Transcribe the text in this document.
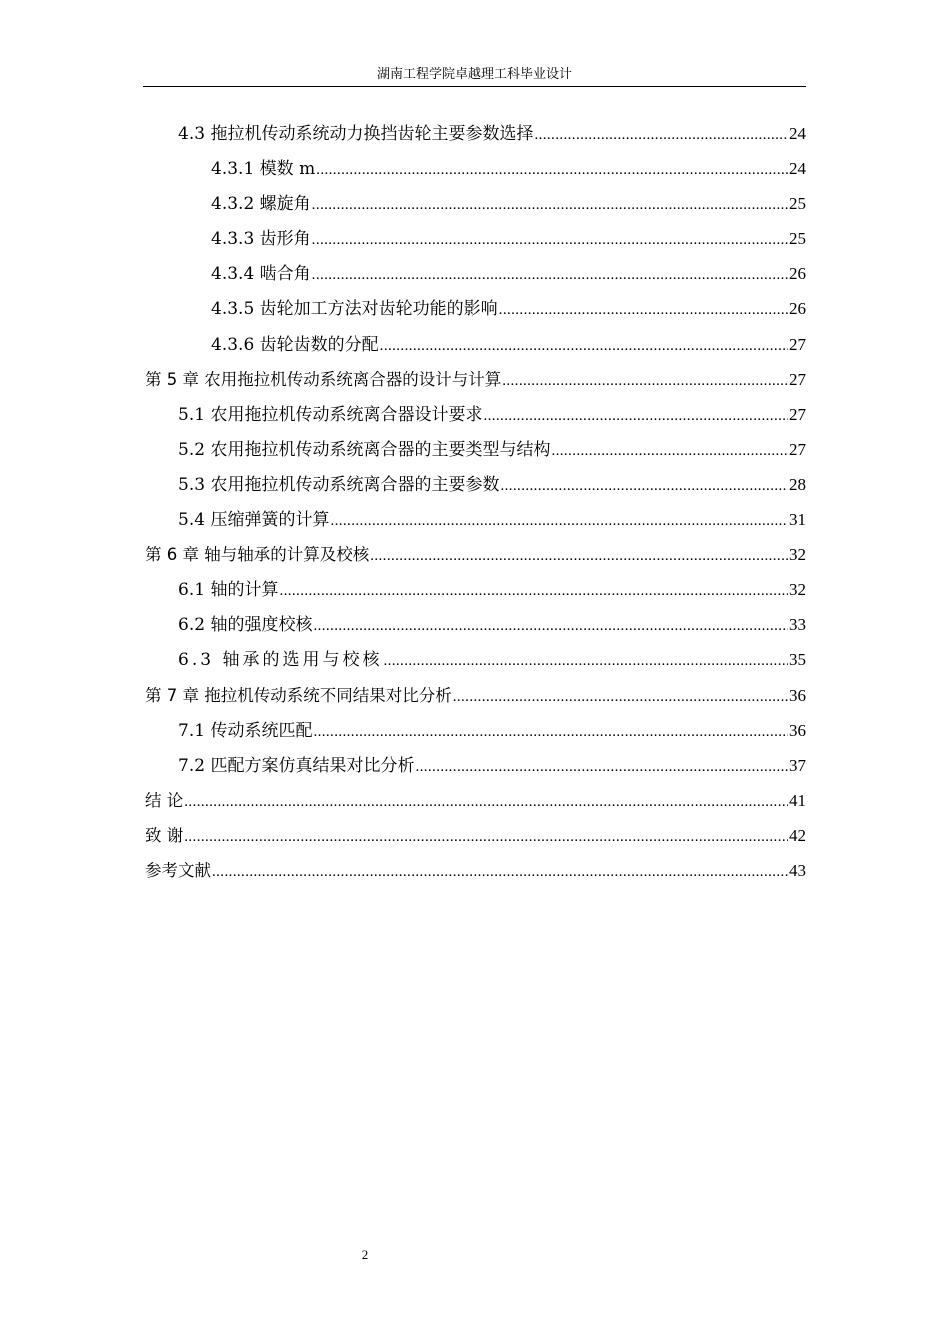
湖南工程学院卓越理工科毕业设计
4.3 拖拉机传动系统动力换挡齿轮主要参数选择 .....	24
4.3.1 模数 m .....	24
4.3.2 螺旋角 .....	25
4.3.3 齿形角 .....	25
4.3.4 啮合角 .....	26
4.3.5 齿轮加工方法对齿轮功能的影响 .....	26
4.3.6 齿轮齿数的分配 .....	27
第 5 章 农用拖拉机传动系统离合器的设计与计算 .....	27
5.1 农用拖拉机传动系统离合器设计要求 .....	27
5.2 农用拖拉机传动系统离合器的主要类型与结构 .....	27
5.3 农用拖拉机传动系统离合器的主要参数 .....	28
5.4 压缩弹簧的计算 .....	31
第 6 章 轴与轴承的计算及校核 .....	32
6.1 轴的计算 .....	32
6.2 轴的强度校核 .....	33
6.3 轴承的选用与校核 .....	35
第 7 章 拖拉机传动系统不同结果对比分析 .....	36
7.1 传动系统匹配 .....	36
7.2 匹配方案仿真结果对比分析 .....	37
结 论 .....	41
致 谢 .....	42
参考文献 .....	43
2
